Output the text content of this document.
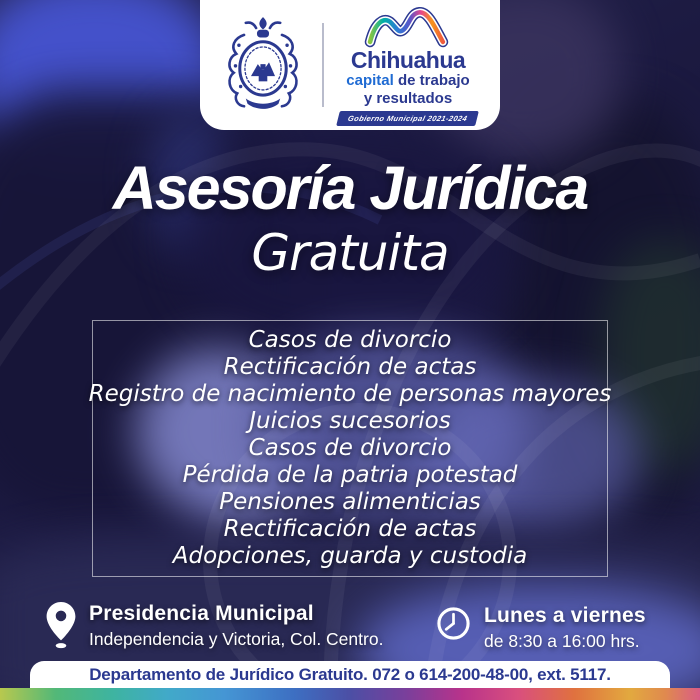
Chihuahua
capital de trabajo
y resultados
Gobierno Municipal 2021-2024
Asesoría Jurídica
Gratuita
Casos de divorcio
Rectificación de actas
Registro de nacimiento de personas mayores
Juicios sucesorios
Casos de divorcio
Pérdida de la patria potestad
Pensiones alimenticias
Rectificación de actas
Adopciones, guarda y custodia
Presidencia Municipal
Independencia y Victoria, Col. Centro.
Lunes a viernes
de 8:30 a 16:00 hrs.
Departamento de Jurídico Gratuito. 072 o 614-200-48-00, ext. 5117.
